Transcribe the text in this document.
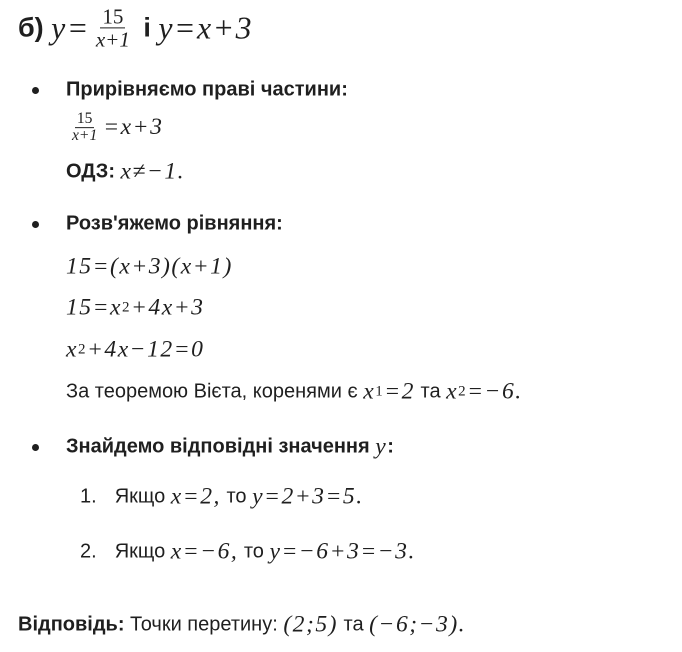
б) $y= \frac{15}{x+1}$ і y=x+3
Прирівняємо праві частини:
$\frac{15}{x+1} =x+3$
ОДЗ: x≠−1.
Розв'яжемо рівняння:
15=(x+3)(x+1)
15=x 2 +4x+3
x 2 +4x−12=0
За теоремою Вієта, коренями є x 1 =2 та x 2 =−6.
Знайдемо відповідні значення y :
1. Якщо x=2, то y=2+3=5.
2. Якщо x=−6, то y=−6+3=−3.
Відповідь: Точки перетину: (2;5) та (−6;−3).
